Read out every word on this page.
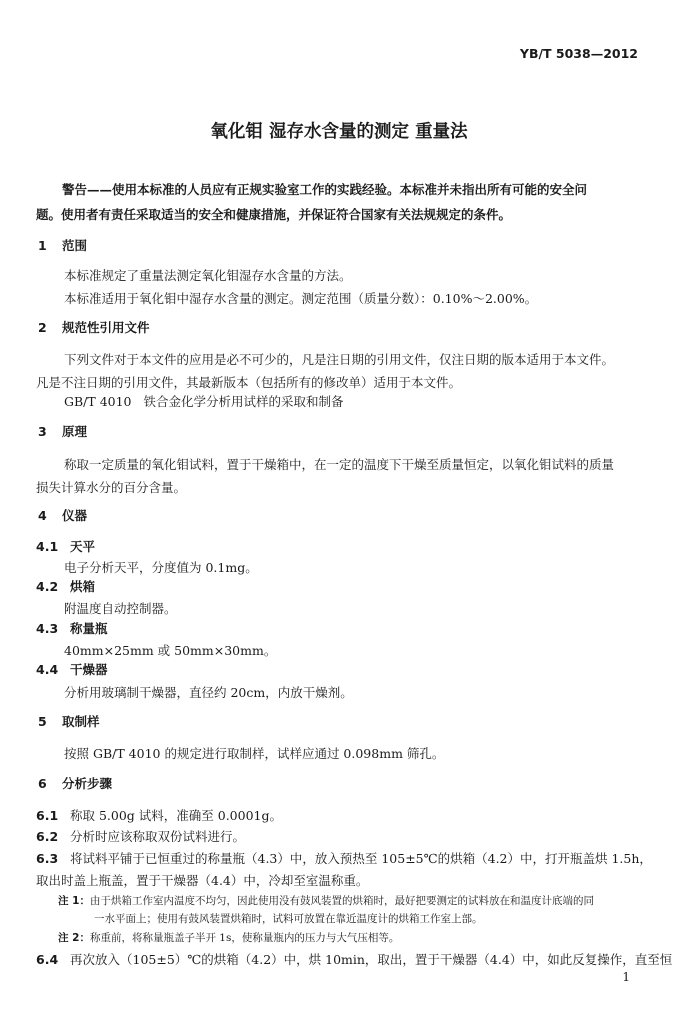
YB/T 5038—2012
氧化钼 湿存水含量的测定 重量法
警告——使用本标准的人员应有正规实验室工作的实践经验。本标准并未指出所有可能的安全问
题。使用者有责任采取适当的安全和健康措施，并保证符合国家有关法规规定的条件。
1 范围
本标准规定了重量法测定氧化钼湿存水含量的方法。
本标准适用于氧化钼中湿存水含量的测定。测定范围（质量分数）：0.10%～2.00%。
2 规范性引用文件
下列文件对于本文件的应用是必不可少的，凡是注日期的引用文件，仅注日期的版本适用于本文件。
凡是不注日期的引用文件，其最新版本（包括所有的修改单）适用于本文件。
GB/T 4010 铁合金化学分析用试样的采取和制备
3 原理
称取一定质量的氧化钼试料，置于干燥箱中，在一定的温度下干燥至质量恒定，以氧化钼试料的质量
损失计算水分的百分含量。
4 仪器
4.1 天平
电子分析天平，分度值为 0.1mg。
4.2 烘箱
附温度自动控制器。
4.3 称量瓶
40mm×25mm 或 50mm×30mm。
4.4 干燥器
分析用玻璃制干燥器，直径约 20cm，内放干燥剂。
5 取制样
按照 GB/T 4010 的规定进行取制样，试样应通过 0.098mm 筛孔。
6 分析步骤
6.1 称取 5.00g 试料，准确至 0.0001g。
6.2 分析时应该称取双份试料进行。
6.3 将试料平铺于已恒重过的称量瓶（4.3）中，放入预热至 105±5℃的烘箱（4.2）中，打开瓶盖烘 1.5h，
取出时盖上瓶盖，置于干燥器（4.4）中，冷却至室温称重。
注 1：由于烘箱工作室内温度不均匀，因此使用没有鼓风装置的烘箱时，最好把要测定的试料放在和温度计底端的同
一水平面上；使用有鼓风装置烘箱时，试料可放置在靠近温度计的烘箱工作室上部。
注 2：称重前，将称量瓶盖子半开 1s，使称量瓶内的压力与大气压相等。
6.4 再次放入（105±5）℃的烘箱（4.2）中，烘 10min，取出，置于干燥器（4.4）中，如此反复操作，直至恒
1
